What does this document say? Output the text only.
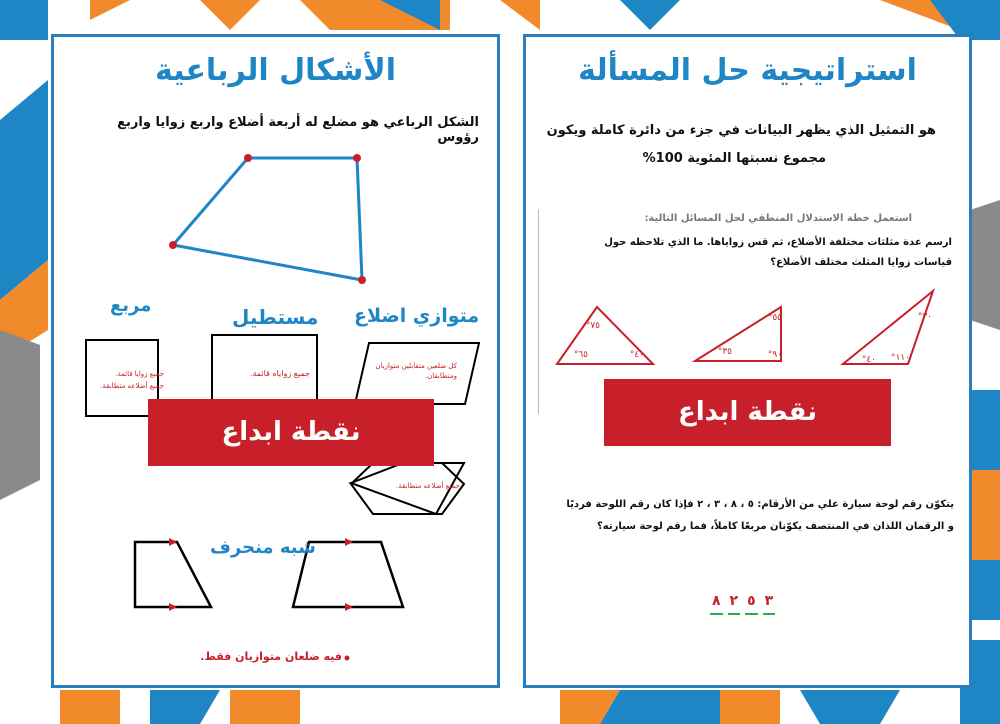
الأشكال الرباعية
الشكل الرباعي هو مضلع له أربعة أضلاع واربع زوايا واربع رؤوس
مربع	مستطيل متوازي اضلاع
جميع زوايا قائمة.
جميع أضلاعه متطابقة.
جميع زواياه قائمة.
كل ضلعين متقابلين متوازيان
ومتطابقان.
جميع أضلاعه متطابقة.
نقطة ابداع
شبه منحرف
فيه ضلعان متوازيان فقط.
استراتيجية حل المسألة
هو التمثيل الذي يظهر البيانات في جزء من دائرة كاملة ويكون
مجموع نسبتها المئوية 100%
استعمل خطة الاستدلال المنطقي لحل المسائل التالية:
ارسم عدة مثلثات مختلفة الأضلاع، ثم قس زواياها. ما الذي تلاحظه حول
قياسات زوايا المثلث مختلف الأضلاع؟
٧٥°
٦٥°	٤٠°
٥٥°
٣٥°	٩٠°
٣٠°
٤٠°	١١٠°
نقطة ابداع
يتكوّن رقم لوحة سيارة علي من الأرقام: ٥ ، ٨ ، ٣ ، ٢ فإذا كان رقم اللوحة فرديًا
و الرقمان اللذان في المنتصف يكوّنان مربعًا كاملاً، فما رقم لوحة سيارته؟
٨ ٢ ٥ ٣
